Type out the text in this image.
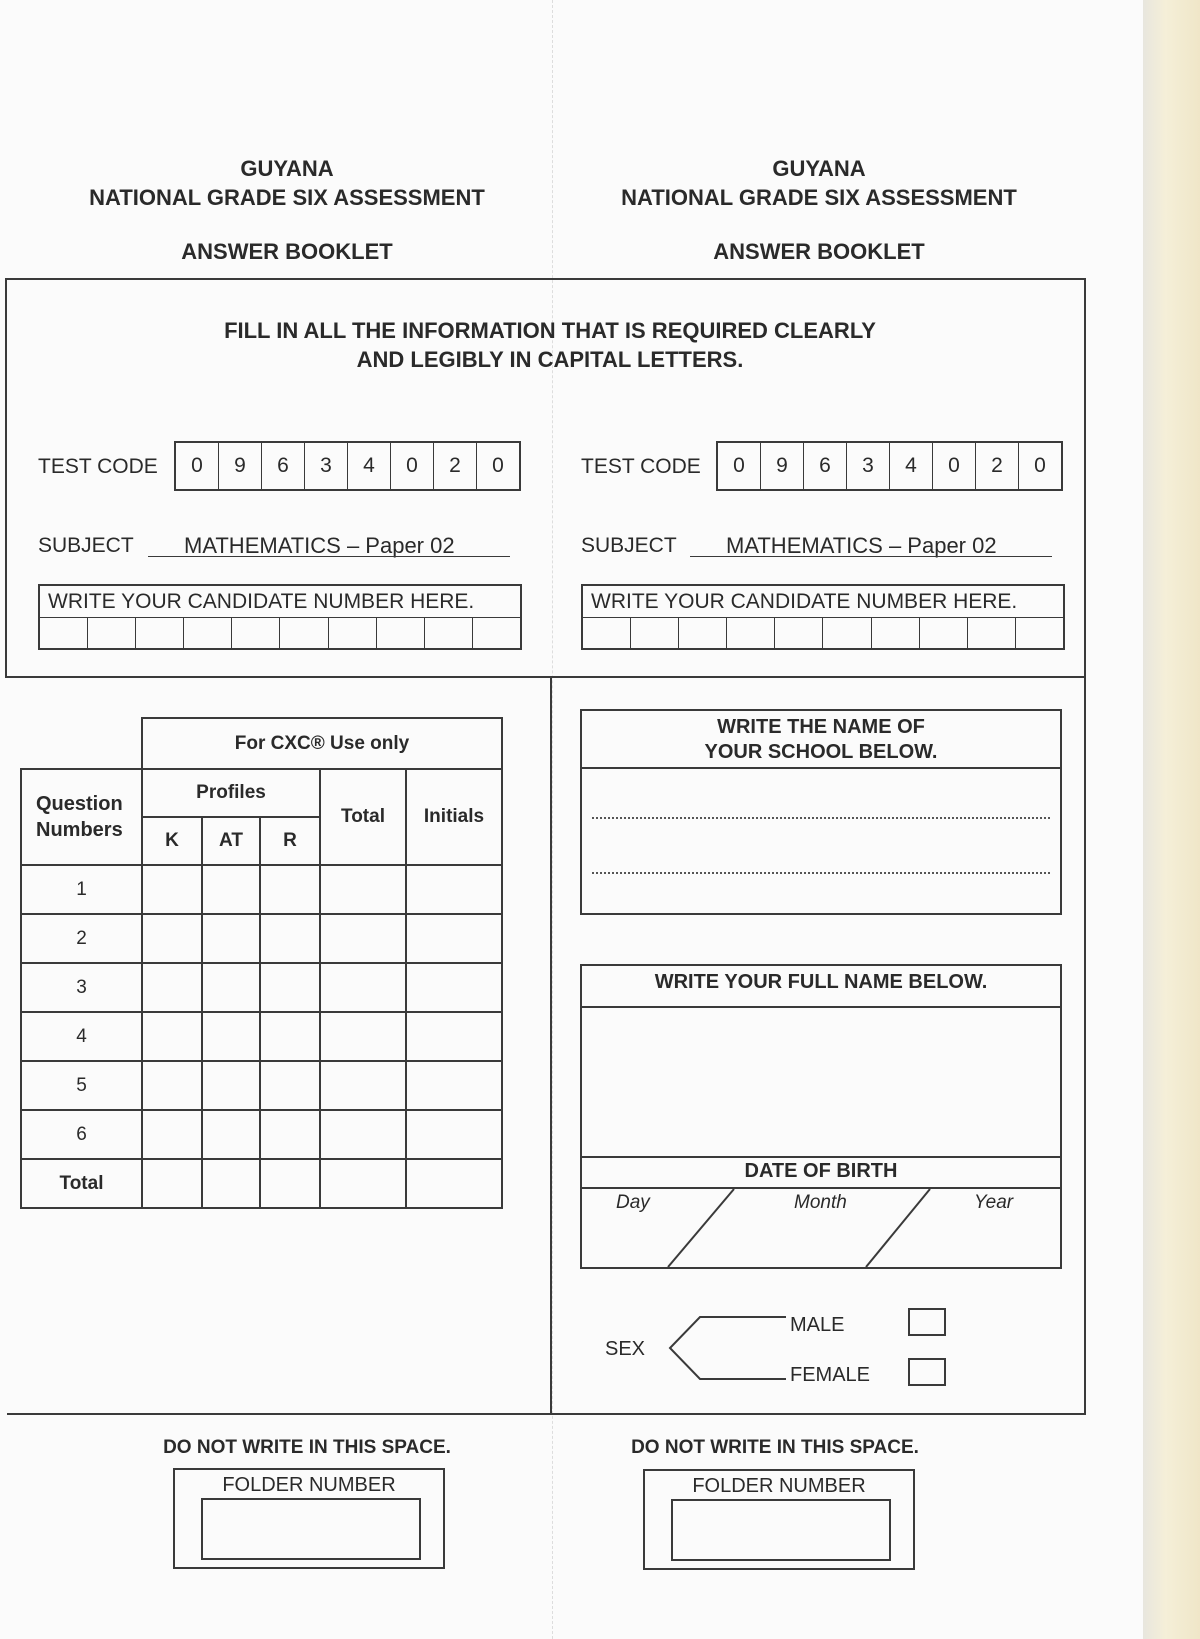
GUYANA
NATIONAL GRADE SIX ASSESSMENT
ANSWER BOOKLET
GUYANA
NATIONAL GRADE SIX ASSESSMENT
ANSWER BOOKLET
FILL IN ALL THE INFORMATION THAT IS REQUIRED CLEARLY
AND LEGIBLY IN CAPITAL LETTERS.
TEST CODE	0	9	6	3	4	0	2	0	TEST CODE	0	9	6	3	4	0	2	0
SUBJECT MATHEMATICS – Paper 02	SUBJECT MATHEMATICS – Paper 02
WRITE YOUR CANDIDATE NUMBER HERE.	WRITE YOUR CANDIDATE NUMBER HERE.
	For CXC® Use only				
Question Numbers	Profiles			Total	Initials
	K	AT	R		
1					
2					
3					
4					
5					
6					
Total					
WRITE THE NAME OF
YOUR SCHOOL BELOW.
WRITE YOUR FULL NAME BELOW.
DATE OF BIRTH
Day	Month	Year
SEX
MALE
FEMALE
DO NOT WRITE IN THIS SPACE.
FOLDER NUMBER
DO NOT WRITE IN THIS SPACE.
FOLDER NUMBER
